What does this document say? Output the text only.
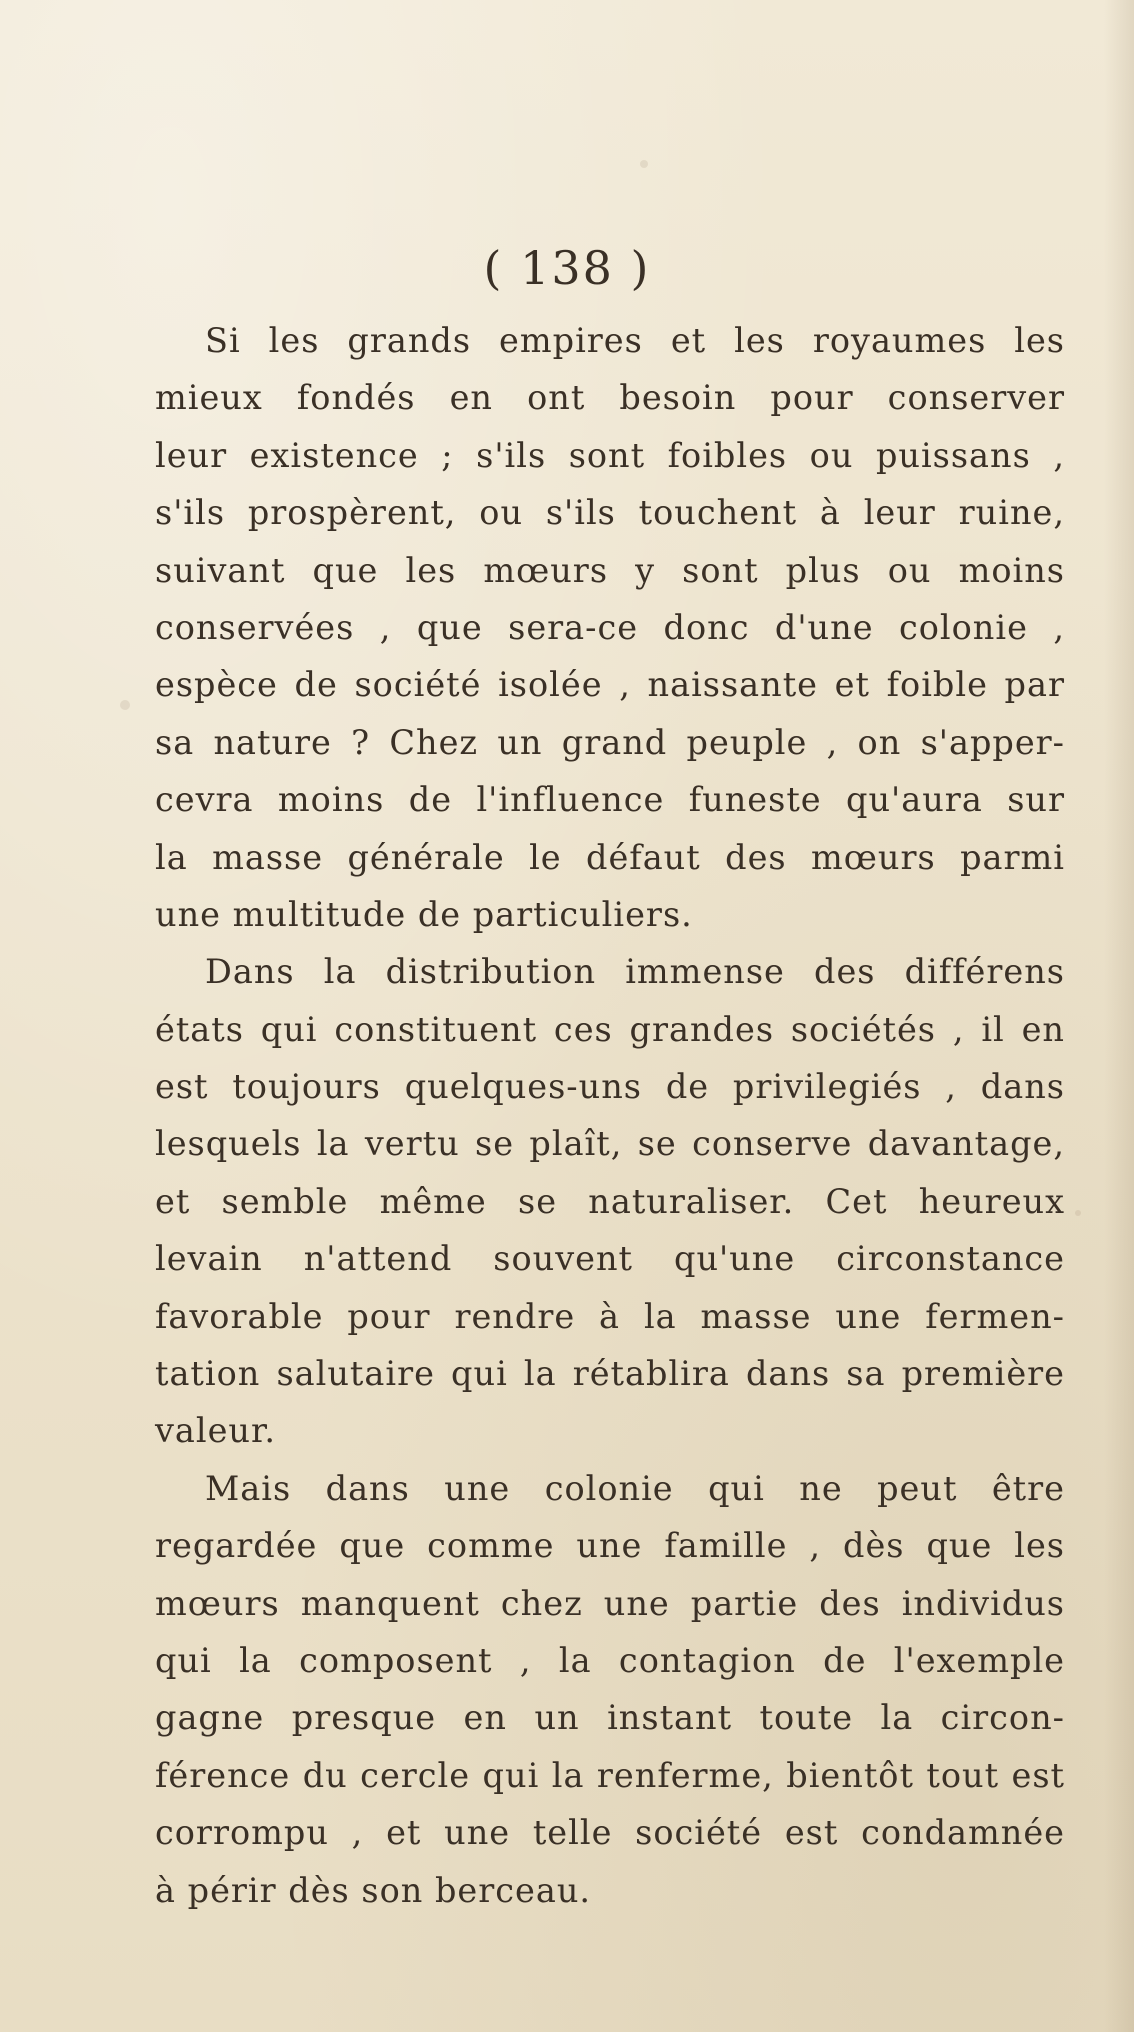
( 138 )
Si les grands empires et les royaumes les
mieux fondés en ont besoin pour conserver
leur existence ; s'ils sont foibles ou puissans ,
s'ils prospèrent, ou s'ils touchent à leur ruine,
suivant que les mœurs y sont plus ou moins
conservées , que sera-ce donc d'une colonie ,
espèce de société isolée , naissante et foible par
sa nature ? Chez un grand peuple , on s'apper-
cevra moins de l'influence funeste qu'aura sur
la masse générale le défaut des mœurs parmi
une multitude de particuliers.
Dans la distribution immense des différens
états qui constituent ces grandes sociétés , il en
est toujours quelques-uns de privilegiés , dans
lesquels la vertu se plaît, se conserve davantage,
et semble même se naturaliser. Cet heureux
levain n'attend souvent qu'une circonstance
favorable pour rendre à la masse une fermen-
tation salutaire qui la rétablira dans sa première
valeur.
Mais dans une colonie qui ne peut être
regardée que comme une famille , dès que les
mœurs manquent chez une partie des individus
qui la composent , la contagion de l'exemple
gagne presque en un instant toute la circon-
férence du cercle qui la renferme, bientôt tout est
corrompu , et une telle société est condamnée
à périr dès son berceau.
